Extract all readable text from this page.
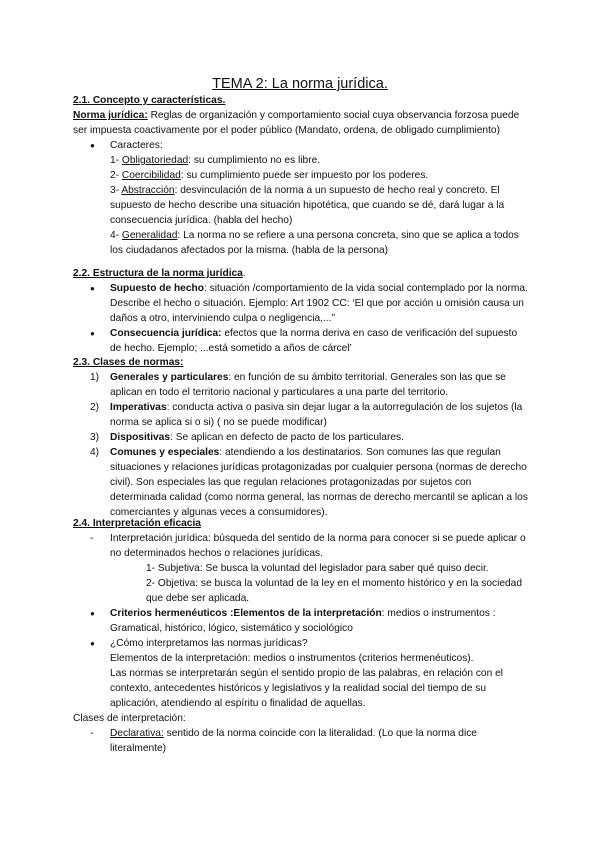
TEMA 2: La norma jurídica.

2.1. Concepto y características.

Norma jurídica: Reglas de organización y comportamiento social cuya observancia forzosa puede ser impuesta coactivamente por el poder público (Mandato, ordena, de obligado cumplimiento)

● Caracteres:

1- Obligatoriedad: su cumplimiento no es libre.

2- Coercibilidad: su cumplimiento puede ser impuesto por los poderes.

3- Abstracción: desvinculación de la norma a un supuesto de hecho real y concreto. El supuesto de hecho describe una situación hipotética, que cuando se dé, dará lugar a la consecuencia jurídica. (habla del hecho)

4- Generalidad: La norma no se refiere a una persona concreta, sino que se aplica a todos los ciudadanos afectados por la misma. (habla de la persona)

2.2. Estructura de la norma jurídica.

● Supuesto de hecho: situación /comportamiento de la vida social contemplado por la norma. Describe el hecho o situación. Ejemplo: Art 1902 CC: ‘El que por acción u omisión causa un daños a otro, interviniendo culpa o negligencia,...”
● Consecuencia jurídica: efectos que la norma deriva en caso de verificación del supuesto de hecho. Ejemplo; ...está sometido a años de cárcel’

2.3. Clases de normas:

1) Generales y particulares: en función de su ámbito territorial. Generales son las que se aplican en todo el territorio nacional y particulares a una parte del territorio.
2) Imperativas: conducta activa o pasiva sin dejar lugar a la autorregulación de los sujetos (la norma se aplica si o si) ( no se puede modificar)
3) Dispositivas: Se aplican en defecto de pacto de los particulares.
4) Comunes y especiales: atendiendo a los destinatarios. Son comunes las que regulan situaciones y relaciones jurídicas protagonizadas por cualquier persona (normas de derecho civil). Son especiales las que regulan relaciones protagonizadas por sujetos con determinada calidad (como norma general, las normas de derecho mercantil se aplican a los comerciantes y algunas veces a consumidores).

2.4. Interpretación eficacia

- Interpretación jurídica: búsqueda del sentido de la norma para conocer si se puede aplicar o no determinados hechos o relaciones jurídicas.

1- Subjetiva: Se busca la voluntad del legislador para saber qué quiso decir.

2- Objetiva: se busca la voluntad de la ley en el momento histórico y en la sociedad que debe ser aplicada.

● Criterios hermenéuticos :Elementos de la interpretación: medios o instrumentos : Gramatical, histórico, lógico, sistemático y sociológico
● ¿Cómo interpretamos las normas jurídicas?

Elementos de la interpretación: medios o instrumentos (criterios hermenéuticos).

Las normas se interpretarán según el sentido propio de las palabras, en relación con el contexto, antecedentes históricos y legislativos y la realidad social del tiempo de su aplicación, atendiendo al espíritu o finalidad de aquellas.

Clases de interpretación:

- Declarativa: sentido de la norma coincide con la literalidad. (Lo que la norma dice literalmente)
